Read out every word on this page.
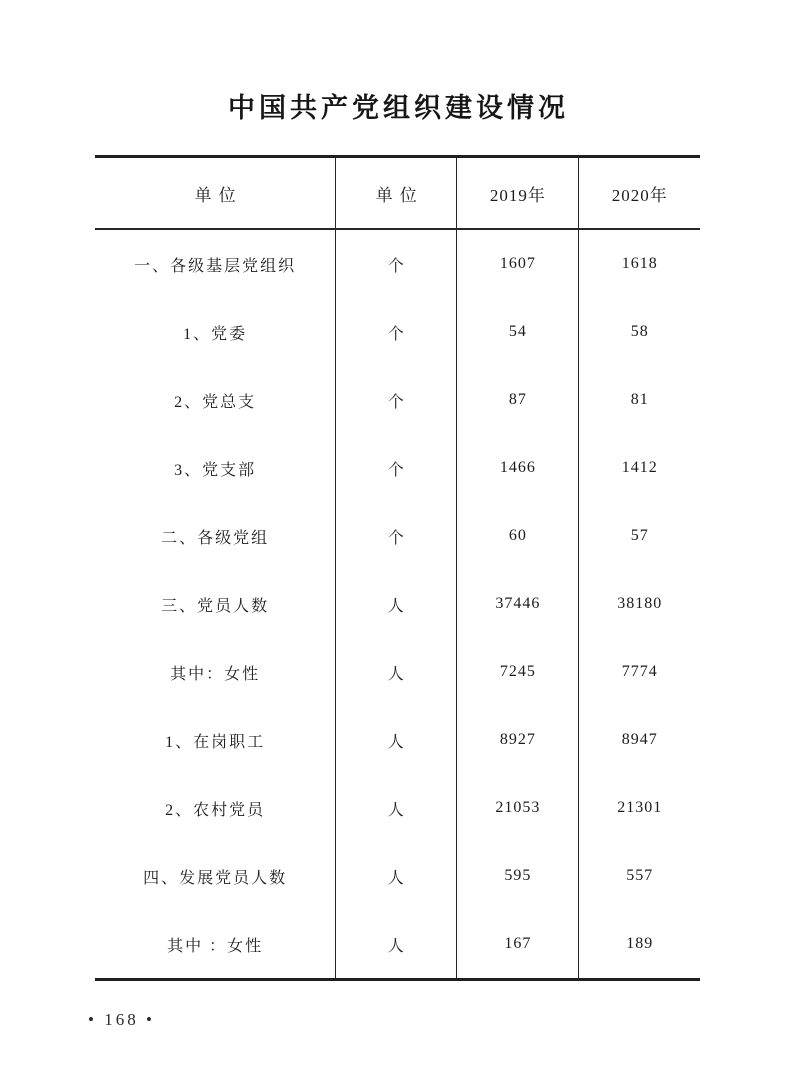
中国共产党组织建设情况
单位	单位	2019年	2020年
一、各级基层党组织	个	1607	1618
1、党委	个	54	58
2、党总支	个	87	81
3、党支部	个	1466	1412
二、各级党组	个	60	57
三、党员人数	人	37446	38180
其中：女性	人	7245	7774
1、在岗职工	人	8927	8947
2、农村党员	人	21053	21301
四、发展党员人数	人	595	557
其中 ：女性	人	167	189
• 168 •
